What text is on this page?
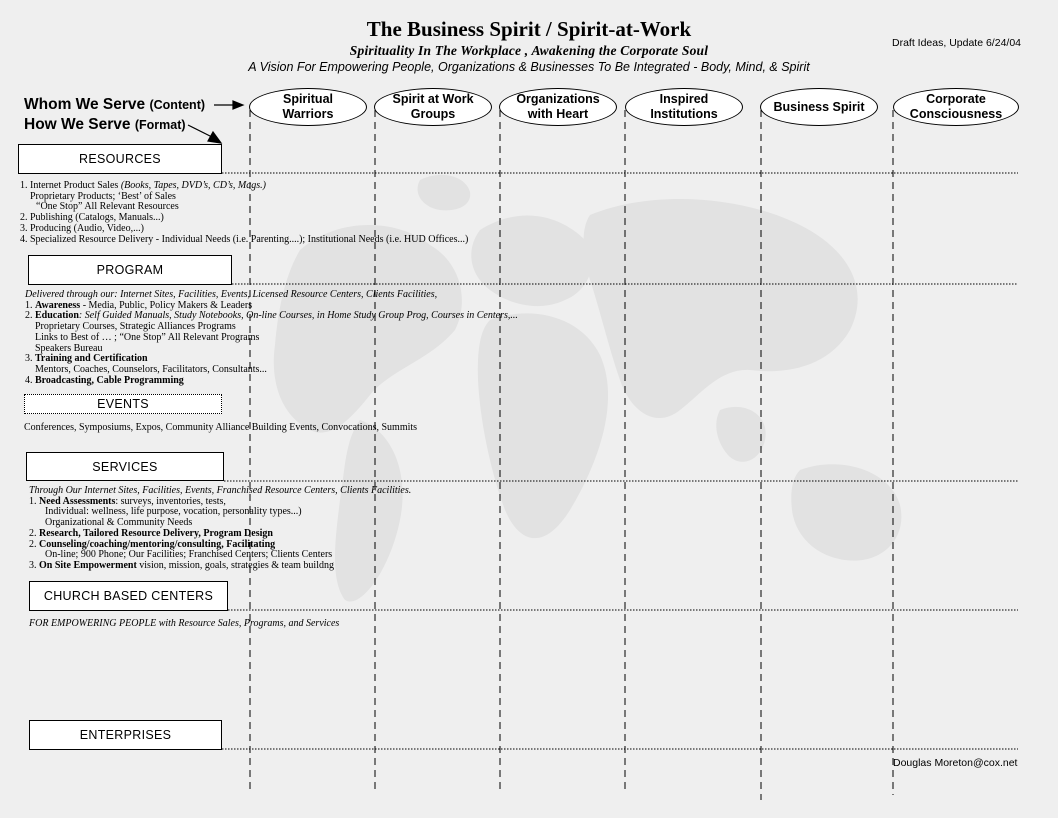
The Business Spirit / Spirit-at-Work
Spirituality In The Workplace , Awakening the Corporate Soul
A Vision For Empowering People, Organizations & Businesses To Be Integrated - Body, Mind, & Spirit
Draft Ideas, Update 6/24/04
Whom We Serve (Content)
How We Serve (Format)
Spiritual
Warriors
Spirit at Work
Groups
Organizations
with Heart
Inspired
Institutions
Business Spirit
Corporate
Consciousness
RESOURCES
1. Internet Product Sales (Books, Tapes, DVD’s, CD’s, Mags.)
Proprietary Products; ‘Best’ of Sales
“One Stop” All Relevant Resources
2. Publishing (Catalogs, Manuals...)
3. Producing (Audio, Video,...)
4. Specialized Resource Delivery - Individual Needs (i.e. Parenting....); Institutional Needs (i.e. HUD Offices...)
PROGRAM
Delivered through our: Internet Sites, Facilities, Events, Licensed Resource Centers, Clients Facilities,
1. Awareness - Media, Public, Policy Makers & Leaders
2. Education: Self Guided Manuals, Study Notebooks, On-line Courses, in Home Study Group Prog, Courses in Centers,...
Proprietary Courses, Strategic Alliances Programs
Links to Best of … ; “One Stop” All Relevant Programs
Speakers Bureau
3. Training and Certification
Mentors, Coaches, Counselors, Facilitators, Consultants...
4. Broadcasting, Cable Programming
EVENTS
Conferences, Symposiums, Expos, Community Alliance Building Events, Convocations, Summits
SERVICES
Through Our Internet Sites, Facilities, Events, Franchised Resource Centers, Clients Facilities.
1. Need Assessments: surveys, inventories, tests,
Individual: wellness, life purpose, vocation, personality types...)
Organizational & Community Needs
2. Research, Tailored Resource Delivery, Program Design
2. Counseling/coaching/mentoring/consulting, Facilitating
On-line; 900 Phone; Our Facilities; Franchised Centers; Clients Centers
3. On Site Empowerment vision, mission, goals, strategies & team buildng
CHURCH BASED CENTERS
FOR EMPOWERING PEOPLE with Resource Sales, Programs, and Services
ENTERPRISES
Douglas Moreton@cox.net
